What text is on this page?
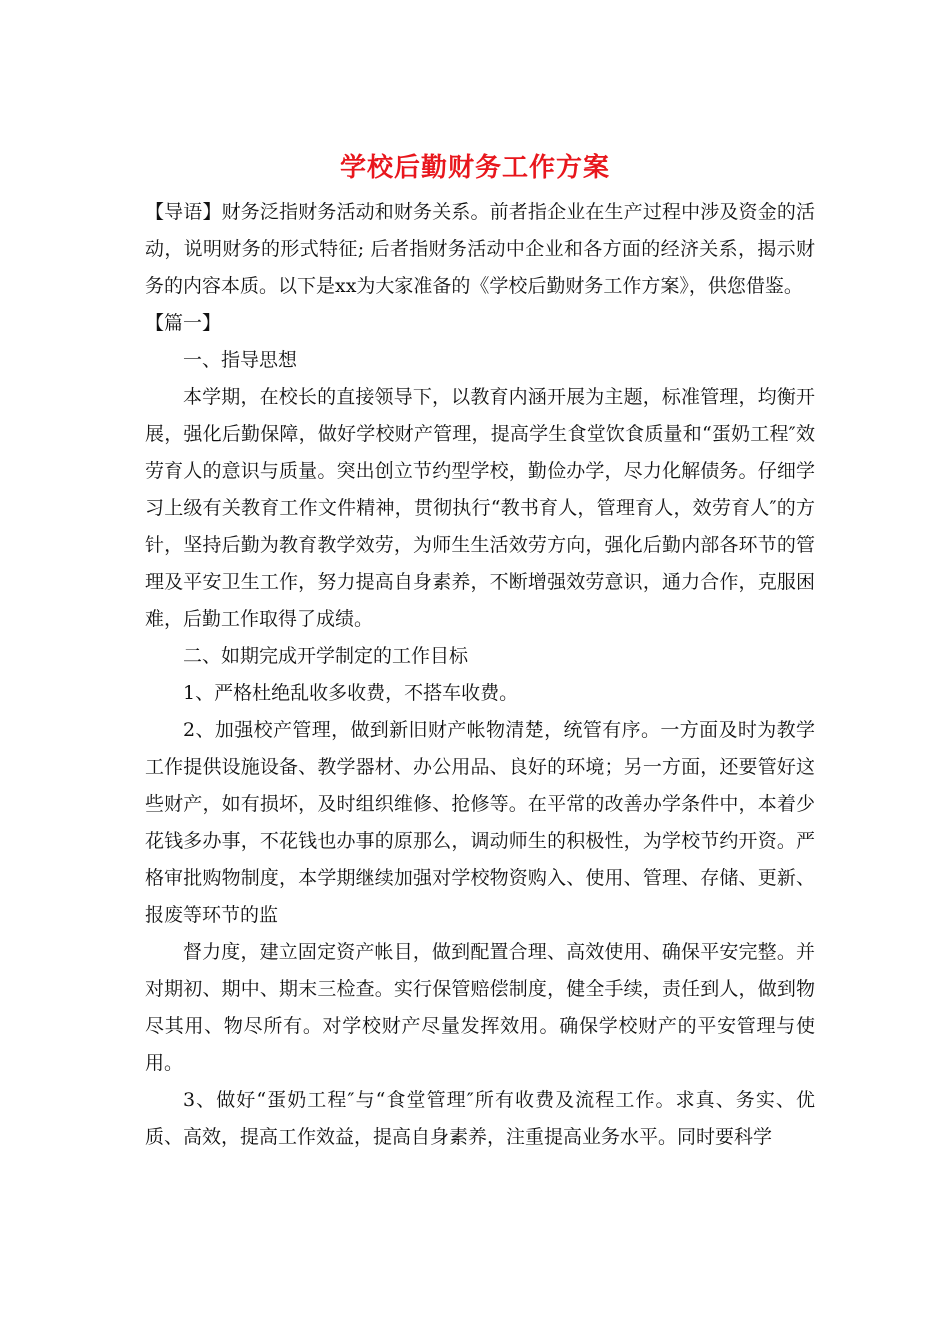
学校后勤财务工作方案

【导语】财务泛指财务活动和财务关系。前者指企业在生产过程中涉及资金的活动，说明财务的形式特征; 后者指财务活动中企业和各方面的经济关系，揭示财务的内容本质。以下是xx为大家准备的《学校后勤财务工作方案》，供您借鉴。

【篇一】

一、指导思想

本学期，在校长的直接领导下，以教育内涵开展为主题，标准管理，均衡开展，强化后勤保障，做好学校财产管理，提高学生食堂饮食质量和“蛋奶工程″效劳育人的意识与质量。突出创立节约型学校，勤俭办学，尽力化解债务。仔细学习上级有关教育工作文件精神，贯彻执行“教书育人，管理育人，效劳育人″的方针，坚持后勤为教育教学效劳，为师生生活效劳方向，强化后勤内部各环节的管理及平安卫生工作，努力提高自身素养，不断增强效劳意识，通力合作，克服困难，后勤工作取得了成绩。

二、如期完成开学制定的工作目标

1、严格杜绝乱收多收费，不搭车收费。

2、加强校产管理，做到新旧财产帐物清楚，统管有序。一方面及时为教学工作提供设施设备、教学器材、办公用品、良好的环境；另一方面，还要管好这些财产，如有损坏，及时组织维修、抢修等。在平常的改善办学条件中，本着少花钱多办事，不花钱也办事的原那么，调动师生的积极性，为学校节约开资。严格审批购物制度，本学期继续加强对学校物资购入、使用、管理、存储、更新、报废等环节的监

督力度，建立固定资产帐目，做到配置合理、高效使用、确保平安完整。并对期初、期中、期末三检查。实行保管赔偿制度，健全手续，责任到人，做到物尽其用、物尽所有。对学校财产尽量发挥效用。确保学校财产的平安管理与使用。

3、做好“蛋奶工程″与“食堂管理″所有收费及流程工作。求真、务实、优质、高效，提高工作效益，提高自身素养，注重提高业务水平。同时要科学
